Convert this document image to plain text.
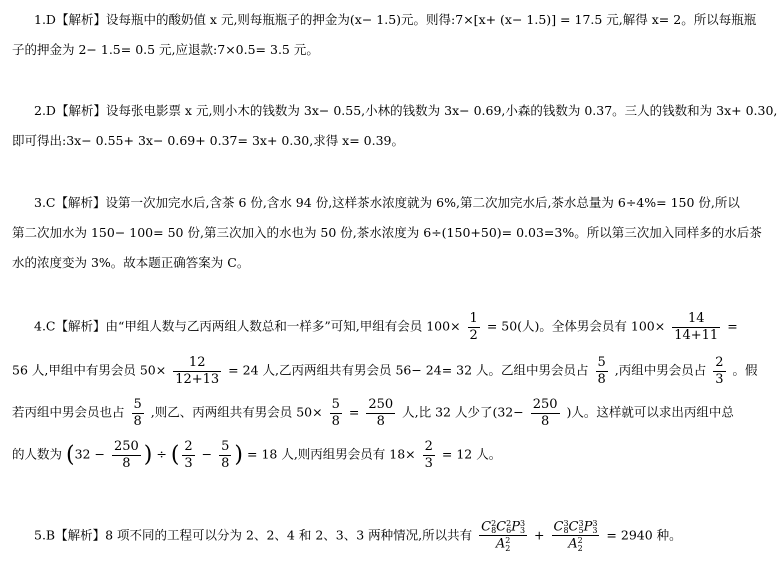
1.D【解析】设每瓶中的酸奶值 x 元,则每瓶瓶子的押金为(x− 1.5)元。则得:7×[x+ (x− 1.5)] = 17.5 元,解得 x= 2。所以每瓶瓶
子的押金为 2− 1.5= 0.5 元,应退款:7×0.5= 3.5 元。
2.D【解析】设每张电影票 x 元,则小木的钱数为 3x− 0.55,小林的钱数为 3x− 0.69,小森的钱数为 0.37。三人的钱数和为 3x+ 0.30,
即可得出:3x− 0.55+ 3x− 0.69+ 0.37= 3x+ 0.30,求得 x= 0.39。
3.C【解析】设第一次加完水后,含茶 6 份,含水 94 份,这样茶水浓度就为 6%,第二次加完水后,茶水总量为 6÷4%= 150 份,所以
第二次加水为 150− 100= 50 份,第三次加入的水也为 50 份,茶水浓度为 6÷(150+50)= 0.03=3%。所以第三次加入同样多的水后茶
水的浓度变为 3%。故本题正确答案为 C。
4.C【解析】由“甲组人数与乙丙两组人数总和一样多”可知,甲组有会员 $100\times \frac{1}{2} = 50$(人)。全体男会员有 $100\times \frac{14}{14+11}$ =
56 人,甲组中有男会员 $50\times \frac{12}{12+13} = 24$ 人,乙丙两组共有男会员 56− 24= 32 人。乙组中男会员占 $\frac{5}{8}$ ,丙组中男会员占 $\frac{2}{3}$ 。假
若丙组中男会员也占 $\frac{5}{8}$ ,则乙、丙两组共有男会员 $50\times \frac{5}{8} = \frac{250}{8}$ 人,比 32 人少了($32- \frac{250}{8}$ )人。这样就可以求出丙组中总
的人数为 ($32 - \frac{250}{8}$ ) ÷ ( $\frac{2}{3} - \frac{5}{8}$ ) = 18 人,则丙组男会员有 $18\times \frac{2}{3} = 12$ 人。
5.B【解析】8 项不同的工程可以分为 2、2、4 和 2、3、3 两种情况,所以共有 C 2
8 C 2
6 P 3
3
A 2
2 + C 3
8 C 3
5 P 3
3
A 2
2 = 2940 种。
